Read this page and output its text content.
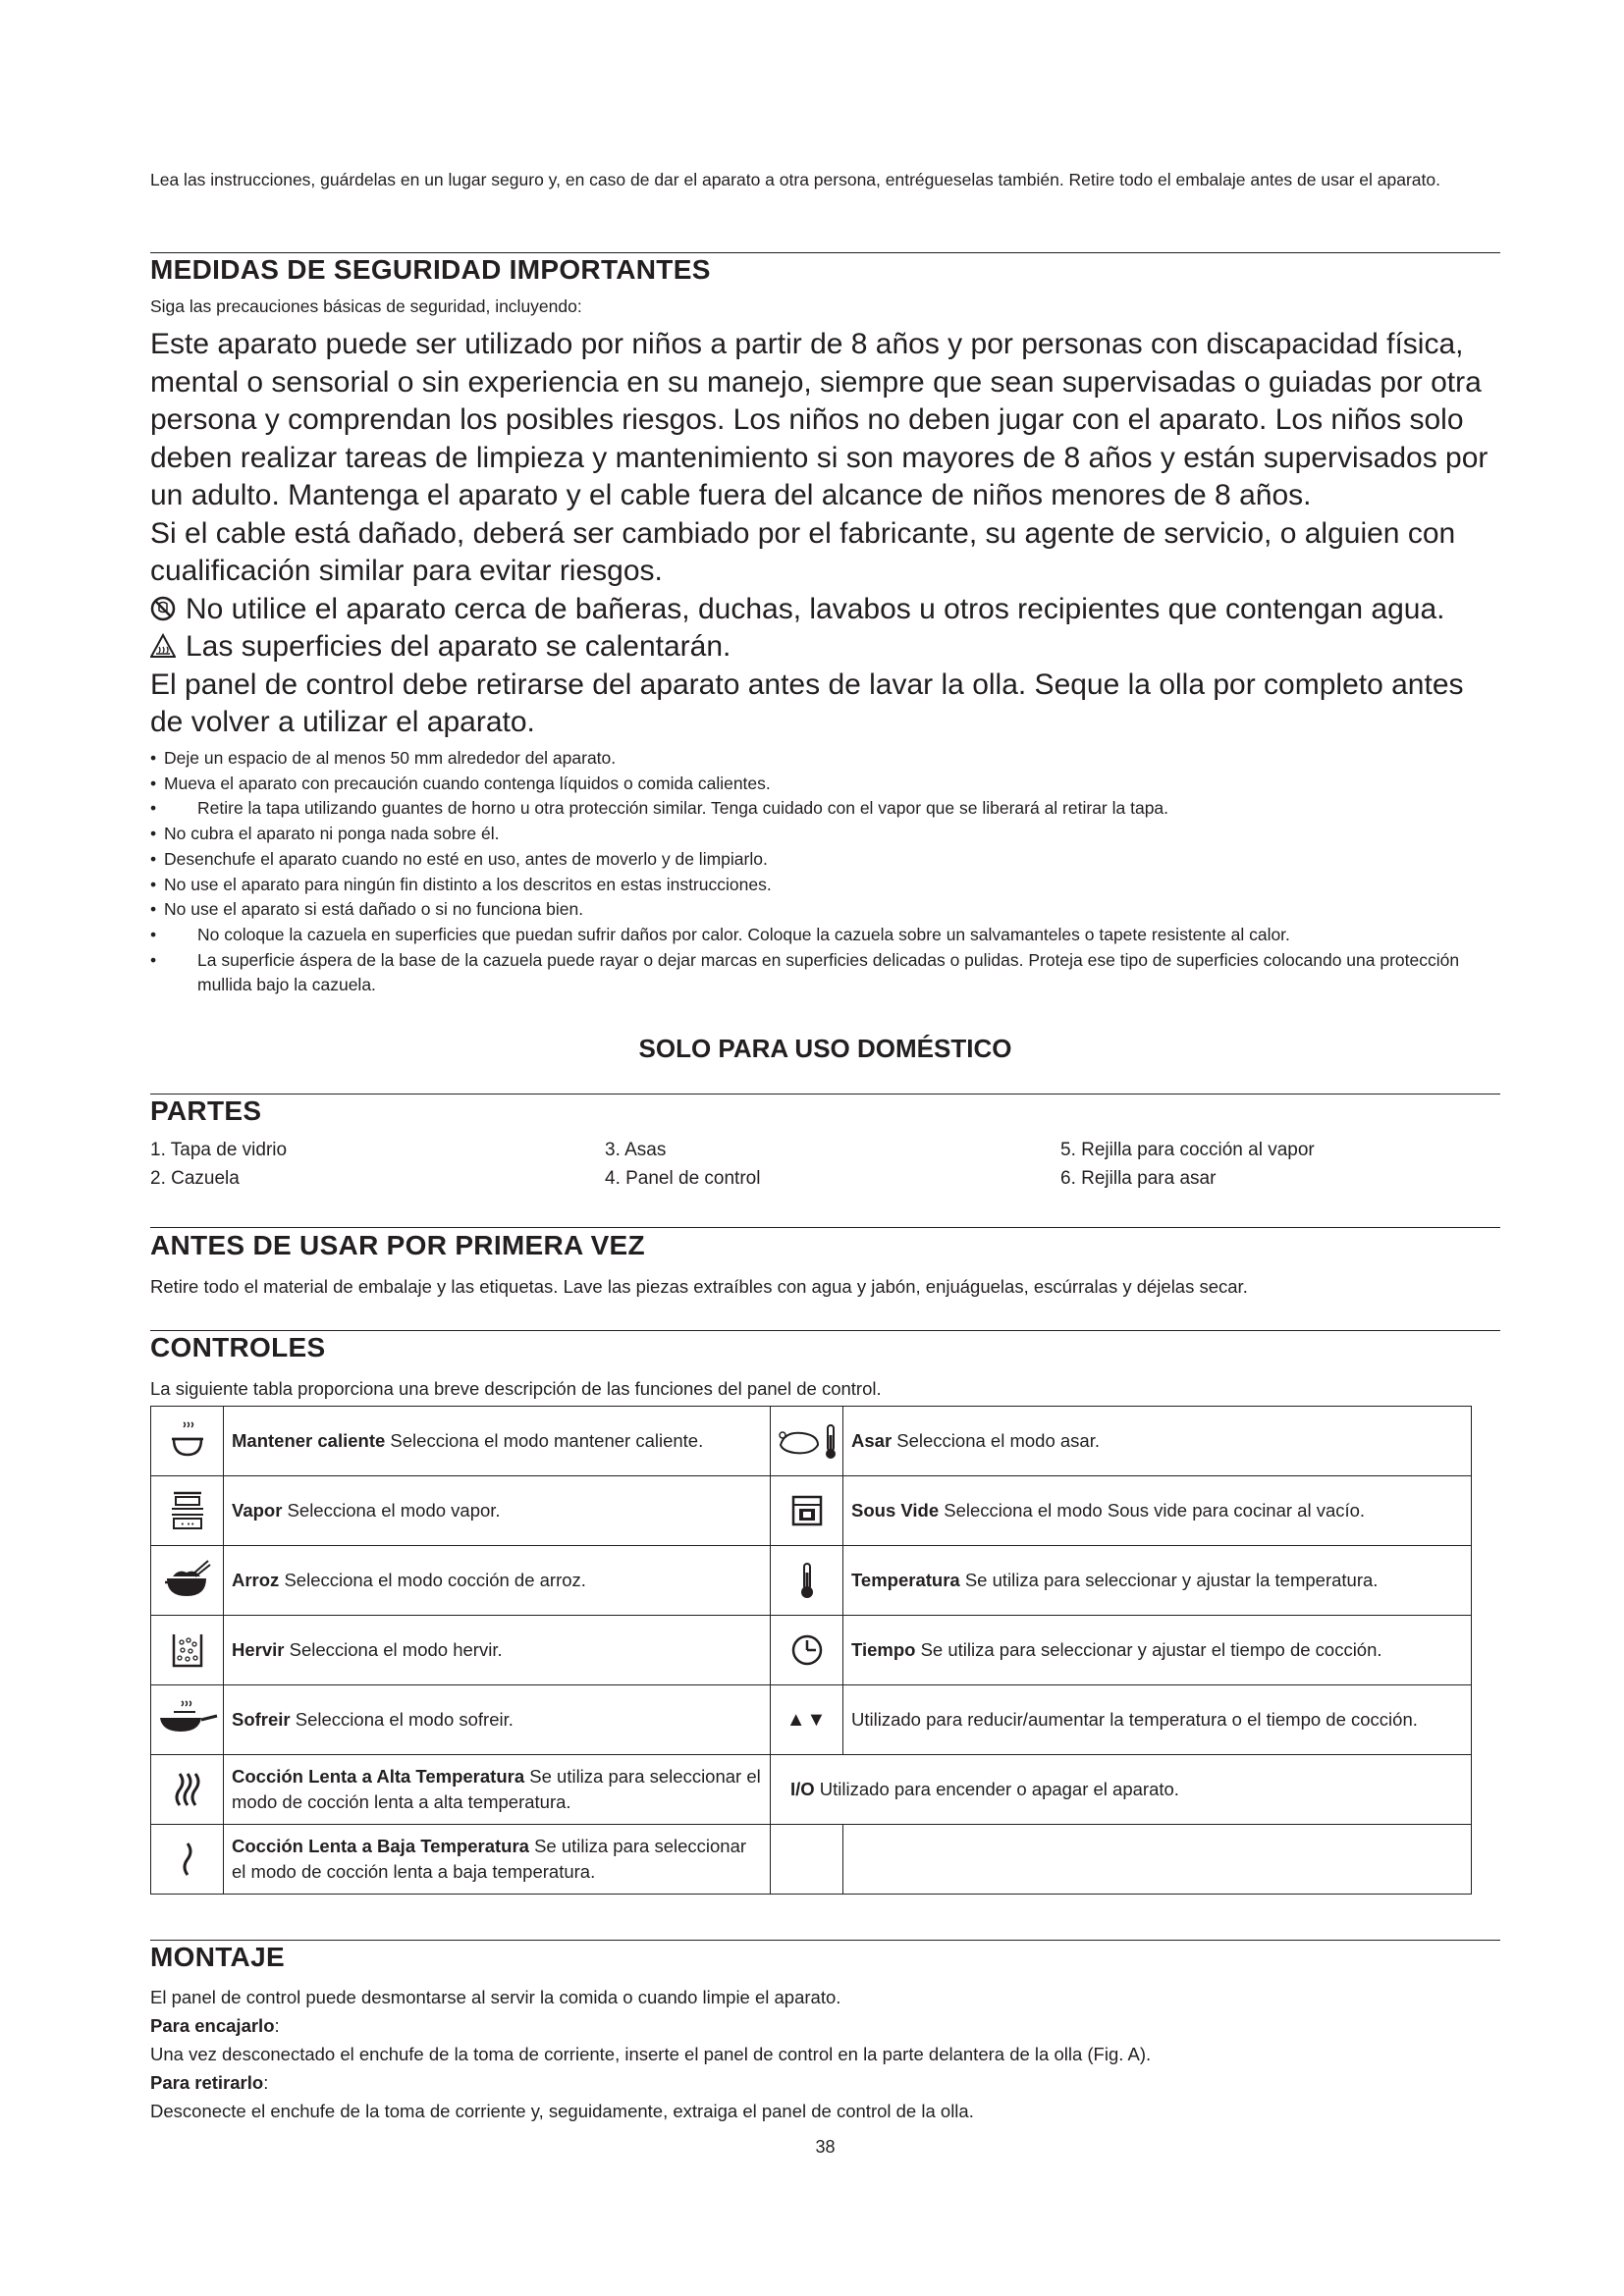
Lea las instrucciones, guárdelas en un lugar seguro y, en caso de dar el aparato a otra persona, entrégueselas también. Retire todo el embalaje antes de usar el aparato.
MEDIDAS DE SEGURIDAD IMPORTANTES
Siga las precauciones básicas de seguridad, incluyendo:

Este aparato puede ser utilizado por niños a partir de 8 años y por personas con discapacidad física, mental o sensorial o sin experiencia en su manejo, siempre que sean supervisadas o guiadas por otra persona y comprendan los posibles riesgos. Los niños no deben jugar con el aparato. Los niños solo deben realizar tareas de limpieza y mantenimiento si son mayores de 8 años y están supervisados por un adulto. Mantenga el aparato y el cable fuera del alcance de niños menores de 8 años.

Si el cable está dañado, deberá ser cambiado por el fabricante, su agente de servicio, o alguien con cualificación similar para evitar riesgos.

No utilice el aparato cerca de bañeras, duchas, lavabos u otros recipientes que contengan agua.

Las superficies del aparato se calentarán.

El panel de control debe retirarse del aparato antes de lavar la olla. Seque la olla por completo antes de volver a utilizar el aparato.

• Deje un espacio de al menos 50 mm alrededor del aparato.
• Mueva el aparato con precaución cuando contenga líquidos o comida calientes.
• Retire la tapa utilizando guantes de horno u otra protección similar. Tenga cuidado con el vapor que se liberará al retirar la tapa.
• No cubra el aparato ni ponga nada sobre él.
• Desenchufe el aparato cuando no esté en uso, antes de moverlo y de limpiarlo.
• No use el aparato para ningún fin distinto a los descritos en estas instrucciones.
• No use el aparato si está dañado o si no funciona bien.
• No coloque la cazuela en superficies que puedan sufrir daños por calor. Coloque la cazuela sobre un salvamanteles o tapete resistente al calor.
• La superficie áspera de la base de la cazuela puede rayar o dejar marcas en superficies delicadas o pulidas. Proteja ese tipo de superficies colocando una protección mullida bajo la cazuela.
SOLO PARA USO DOMÉSTICO
PARTES
1. Tapa de vidrio
2. Cazuela
3. Asas
4. Panel de control
5. Rejilla para cocción al vapor
6. Rejilla para asar
ANTES DE USAR POR PRIMERA VEZ
Retire todo el material de embalaje y las etiquetas. Lave las piezas extraíbles con agua y jabón, enjuáguelas, escúrralas y déjelas secar.
CONTROLES
La siguiente tabla proporciona una breve descripción de las funciones del panel de control.
	Mantener caliente Selecciona el modo mantener caliente.		Asar Selecciona el modo asar.

• ••	Vapor Selecciona el modo vapor.		Sous Vide Selecciona el modo Sous vide para cocinar al vacío.

	Arroz Selecciona el modo cocción de arroz.		Temperatura Se utiliza para seleccionar y ajustar la temperatura.

	Hervir Selecciona el modo hervir.		Tiempo Se utiliza para seleccionar y ajustar el tiempo de cocción.

	Sofreir Selecciona el modo sofreir.	▲▼	Utilizado para reducir/aumentar la temperatura o el tiempo de cocción.

	Cocción Lenta a Alta Temperatura Se utiliza para seleccionar el modo de cocción lenta a alta temperatura.	I/O Utilizado para encender o apagar el aparato.	

	Cocción Lenta a Baja Temperatura Se utiliza para seleccionar el modo de cocción lenta a baja temperatura.		
MONTAJE
El panel de control puede desmontarse al servir la comida o cuando limpie el aparato.
Para encajarlo:
Una vez desconectado el enchufe de la toma de corriente, inserte el panel de control en la parte delantera de la olla (Fig. A).
Para retirarlo:
Desconecte el enchufe de la toma de corriente y, seguidamente, extraiga el panel de control de la olla.
38
